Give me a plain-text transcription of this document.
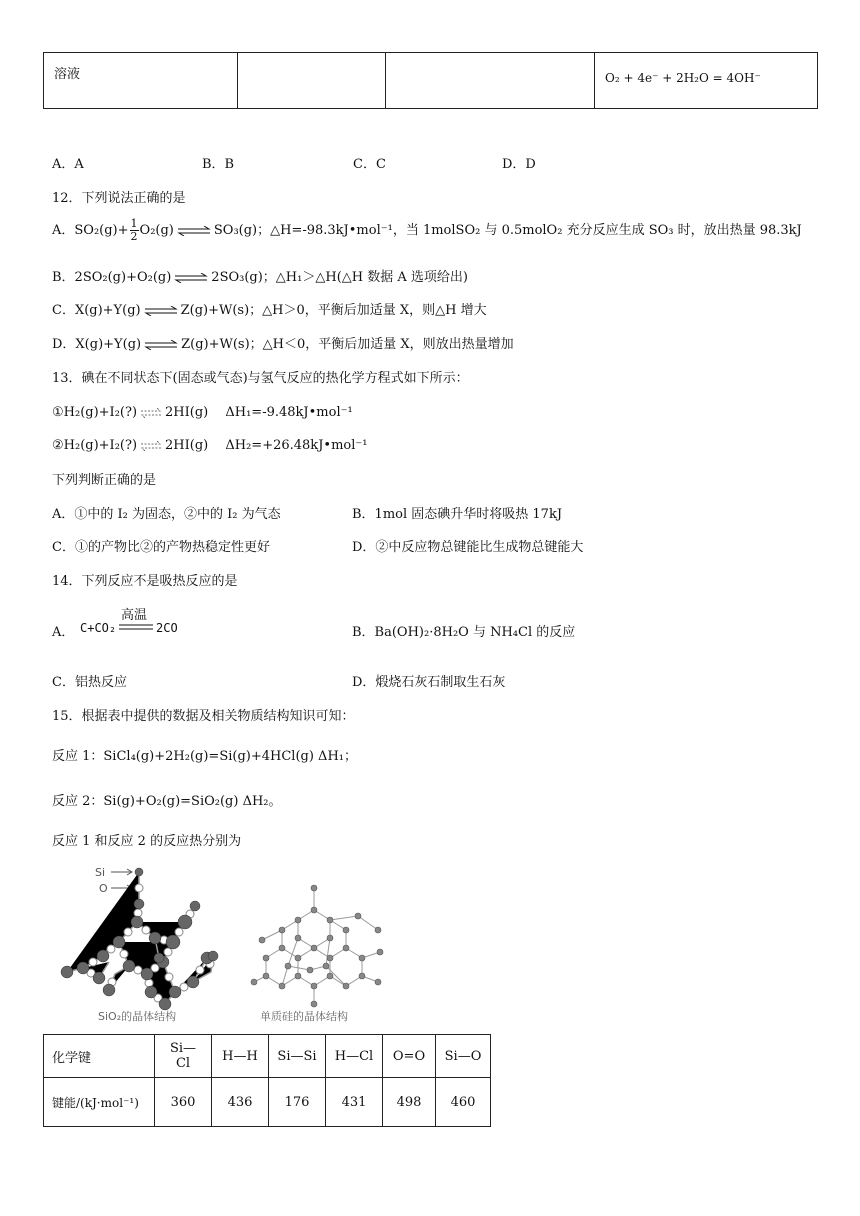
溶液			O₂ + 4e⁻ + 2H₂O = 4OH⁻
A．A	B．B	C．C	D．D
12．下列说法正确的是
A．$SO_2(g)+ \frac{1}{2} O_2(g)$ ⇌ SO₃(g)；△H=-98.3kJ•mol⁻¹，当 1molSO₂ 与 0.5molO₂ 充分反应生成 SO₃ 时，放出热量 98.3kJ
B．2SO₂(g)+O₂(g) ⇌ 2SO₃(g)；△H₁＞△H(△H 数据 A 选项给出)
C．X(g)+Y(g) ⇌ Z(g)+W(s)；△H＞0，平衡后加适量 X，则△H 增大
D．X(g)+Y(g) ⇌ Z(g)+W(s)；△H＜0，平衡后加适量 X，则放出热量增加
13．碘在不同状态下(固态或气态)与氢气反应的热化学方程式如下所示：
①H₂(g)+I₂(?) ⇌ 2HI(g)　 ΔH₁=-9.48kJ•mol⁻¹
②H₂(g)+I₂(?) ⇌ 2HI(g)　 ΔH₂=+26.48kJ•mol⁻¹
下列判断正确的是
A．①中的 I₂ 为固态，②中的 I₂ 为气态	B．1mol 固态碘升华时将吸热 17kJ
C．①的产物比②的产物热稳定性更好	D．②中反应物总键能比生成物总键能大
14．下列反应不是吸热反应的是
A． C+CO₂
高温
2CO	B．Ba(OH)₂·8H₂O 与 NH₄Cl 的反应
C．铝热反应	D．煅烧石灰石制取生石灰
15．根据表中提供的数据及相关物质结构知识可知：
反应 1：SiCl₄(g)+2H₂(g)=Si(g)+4HCl(g) ΔH₁；
反应 2：Si(g)+O₂(g)=SiO₂(g) ΔH₂。
反应 1 和反应 2 的反应热分别为
Si
O
SiO₂的晶体结构	单质硅的晶体结构
化学键	Si—Cl	H—H	Si—Si	H—Cl	O=O	Si—O
键能/(kJ·mol⁻¹)	360	436	176	431	498	460
